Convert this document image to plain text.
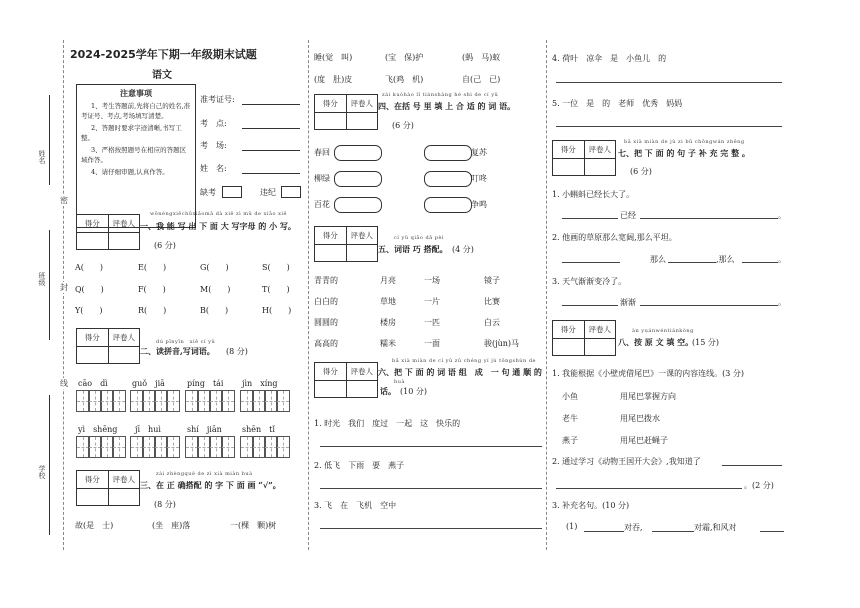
姓名
班级
学校
密
封
线
2024-2025学年下期一年级期末试题
语文
注意事项

1、考生答题前,先将自己的姓名,准考证号、考点,考场填写清楚。

2、答题时要求字迹清晰,书写工整。

3、严格按照题号在相应的答题区域作答。

4、请仔细审题,认真作答。

准考证号:
考　点:
考　场:
姓　名:
缺考	违纪
得分	评卷人
wǒnéngxiěchūxiǎomǎ dà xiě zì mǔ de xiǎo xiě
一、我 能 写 出 下 面 大 写字母 的 小 写。
(6 分)
A(　　)	E(　　)	G(　　)	S(　　)
Q(　　)	F(　　)	M(　　)	T(　　)
Y(　　)	R(　　)	B(　　)	H(　　)
得分	评卷人	dú pīnyīn　xiě cí yǔ
二、读拼音,写词语。 (8 分)
cāo　dì	guǒ　jiā	píng　tái jìn　xíng
yì　shēng jī　huì	shí　jiān	shēn　tǐ
得分	评卷人
zài zhèngquè de zì xià miàn huà
三、在 正 确搭配 的 字 下 面 画 “√”。
(8 分)
故(是　士)	(坐　座)落	一(棵　颗)树
睡(觉　叫)	(宝　保)护	(蚂　马)蚁
(度　肚)皮	飞(鸡　机)	自(己　已)
得分	评卷人
zài kuòhào lǐ tiánshàng hé shì de cí yǔ
四、在括 号 里 填 上 合 适 的 词 语。
(6 分)
春回	复苏
柳绿	叮咚
百花	争鸣
得分	评卷人	cí yǔ qiǎo dā pèi
五、词语 巧 搭配。 (4 分)
青青的	月亮	一场	镜子
白白的	草地	一片	比赛
圆圆的	楼房	一匹	白云
高高的	糯米	一面	骏(jùn)马
得分	评卷人
bǎ xià miàn de cí yǔ zǔ chéng yí jù tōngshùn de
六、把 下 面 的 词 语 组　成　一 句 通 顺 的
huà
话。 (10 分)
1. 时光　我们　度过　一起　这　快乐的
2. 低飞　下雨　要　燕子
3. 飞　在　飞机　空中
4. 荷叶　凉伞　是　小鱼儿　的
5. 一位　是　的　老师　优秀　妈妈
得分	评卷人
bǎ xià miàn de jù zi bǔ chōngwán zhěng
七、把 下 面 的 句 子 补 充 完 整 。
(6 分)
1. 小蝌蚪已经长大了。
已经	。
2. 他画的草原那么宽阔,那么平坦。
那么	,那么	。
3. 天气渐渐变冷了。
渐渐	。
得分	评卷人	àn yuánwéntiánkòng
八、按 原 文 填 空。
(15 分)
1. 我能根据《小壁虎借尾巴》一课的内容连线。(3 分)
小鱼	用尾巴掌握方向
老牛	用尾巴拨水
燕子	用尾巴赶蝇子
2. 通过学习《动物王国开大会》,我知道了
。(2 分)
3. 补充名句。(10 分)
(1)	对吞,	对霜,和风对
